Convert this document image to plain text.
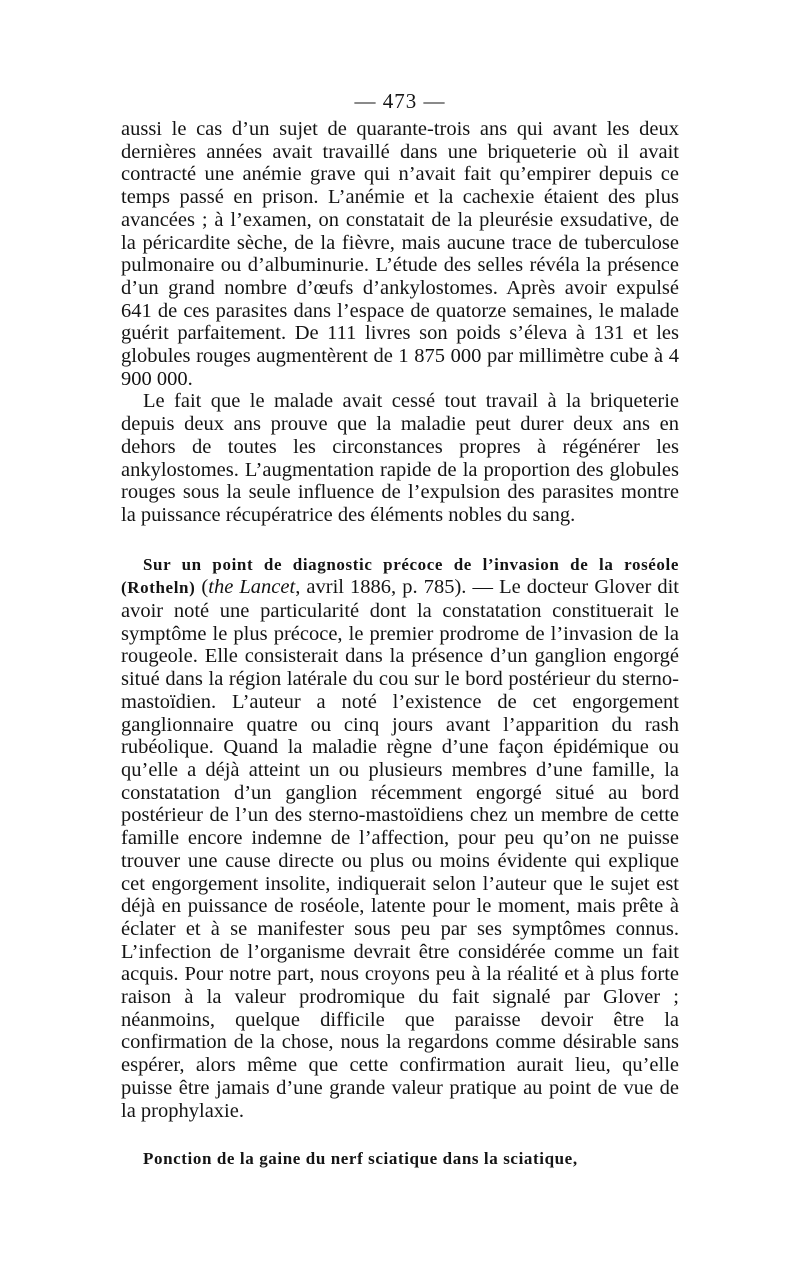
— 473 —

aussi le cas d’un sujet de quarante-trois ans qui avant les deux dernières années avait travaillé dans une briqueterie où il avait contracté une anémie grave qui n’avait fait qu’empirer depuis ce temps passé en prison. L’anémie et la cachexie étaient des plus avancées ; à l’examen, on constatait de la pleurésie exsudative, de la péricardite sèche, de la fièvre, mais aucune trace de tuberculose pulmonaire ou d’albuminurie. L’étude des selles révéla la présence d’un grand nombre d’œufs d’ankylostomes. Après avoir expulsé 641 de ces parasites dans l’espace de quatorze semaines, le malade guérit parfaitement. De 111 livres son poids s’éleva à 131 et les globules rouges augmentèrent de 1 875 000 par millimètre cube à 4 900 000.

Le fait que le malade avait cessé tout travail à la briqueterie depuis deux ans prouve que la maladie peut durer deux ans en dehors de toutes les circonstances propres à régénérer les ankylostomes. L’augmentation rapide de la proportion des globules rouges sous la seule influence de l’expulsion des parasites montre la puissance récupératrice des éléments nobles du sang.

Sur un point de diagnostic précoce de l’invasion de la roséole (Rotheln) (the Lancet, avril 1886, p. 785). — Le docteur Glover dit avoir noté une particularité dont la constatation constituerait le symptôme le plus précoce, le premier prodrome de l’invasion de la rougeole. Elle consisterait dans la présence d’un ganglion engorgé situé dans la région latérale du cou sur le bord postérieur du sterno-mastoïdien. L’auteur a noté l’existence de cet engorgement ganglionnaire quatre ou cinq jours avant l’apparition du rash rubéolique. Quand la maladie règne d’une façon épidémique ou qu’elle a déjà atteint un ou plusieurs membres d’une famille, la constatation d’un ganglion récemment engorgé situé au bord postérieur de l’un des sterno-mastoïdiens chez un membre de cette famille encore indemne de l’affection, pour peu qu’on ne puisse trouver une cause directe ou plus ou moins évidente qui explique cet engorgement insolite, indiquerait selon l’auteur que le sujet est déjà en puissance de roséole, latente pour le moment, mais prête à éclater et à se manifester sous peu par ses symptômes connus. L’infection de l’organisme devrait être considérée comme un fait acquis. Pour notre part, nous croyons peu à la réalité et à plus forte raison à la valeur prodromique du fait signalé par Glover ; néanmoins, quelque difficile que paraisse devoir être la confirmation de la chose, nous la regardons comme désirable sans espérer, alors même que cette confirmation aurait lieu, qu’elle puisse être jamais d’une grande valeur pratique au point de vue de la prophylaxie.

Ponction de la gaine du nerf sciatique dans la sciatique,
